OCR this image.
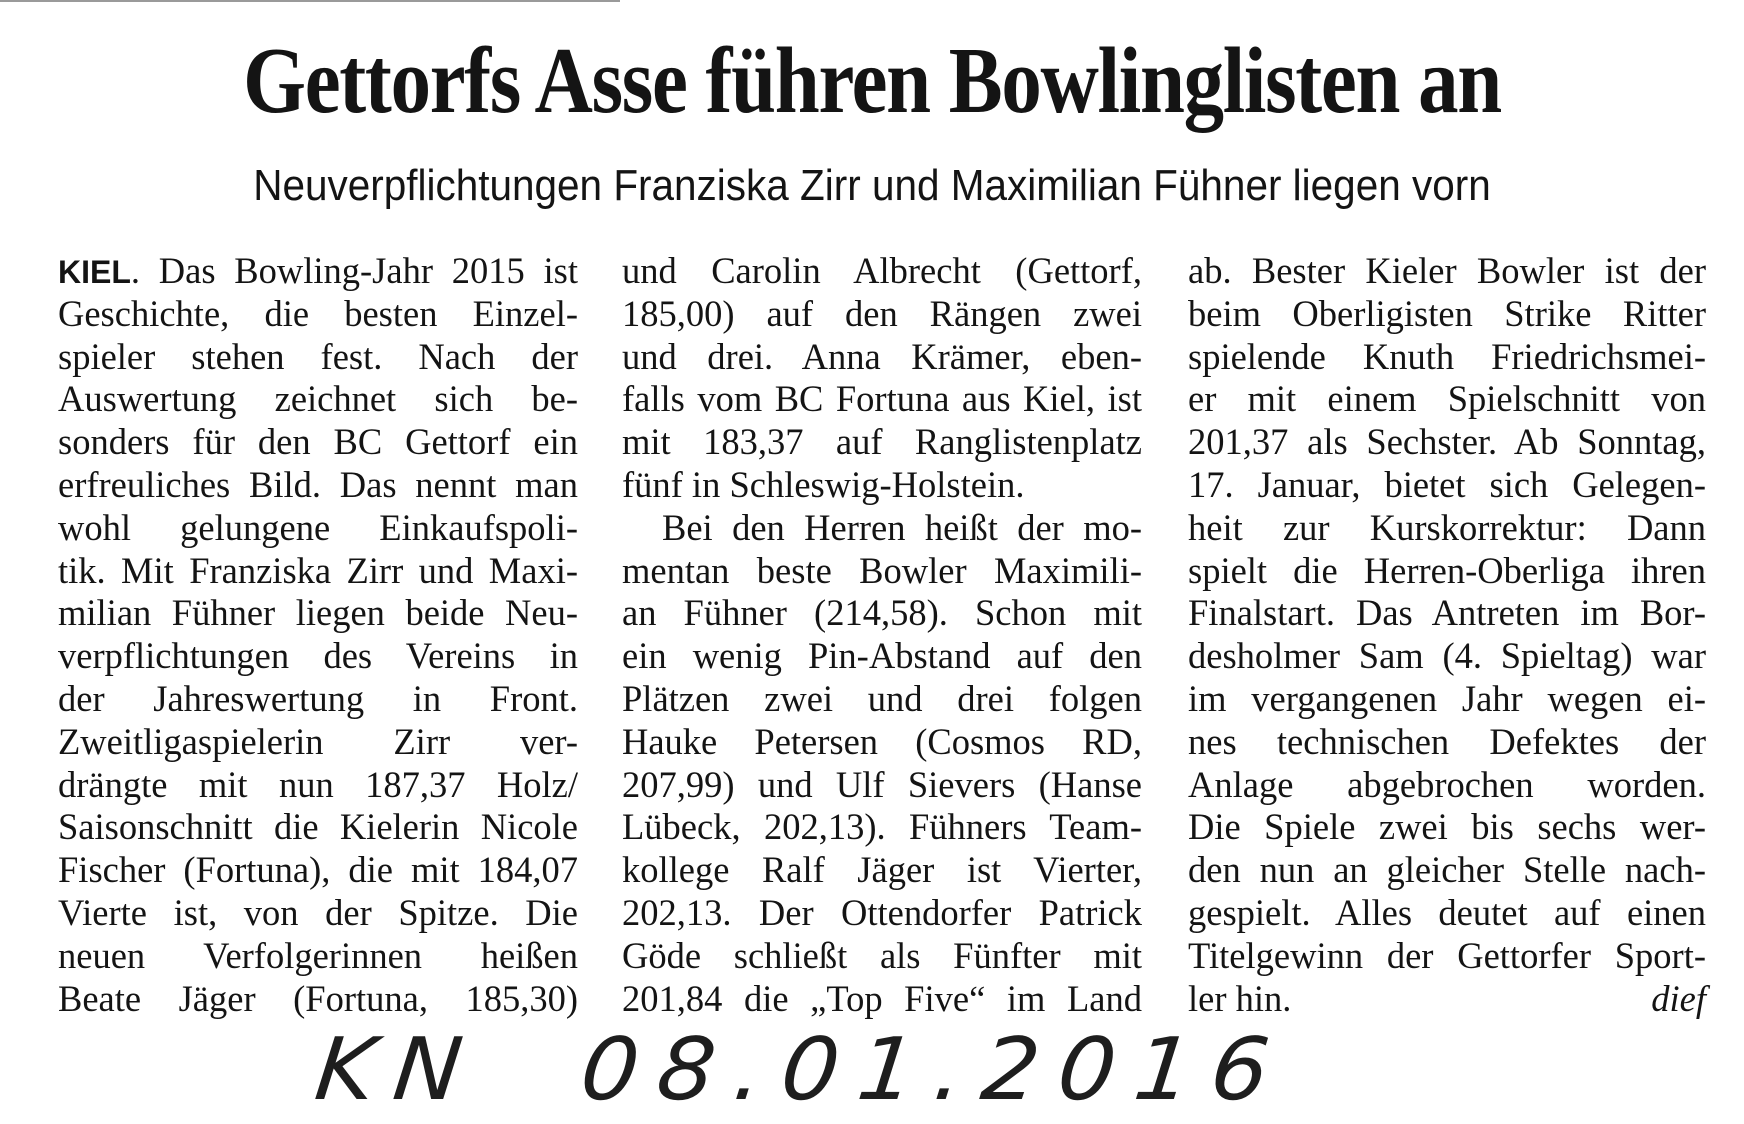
Gettorfs Asse führen Bowlinglisten an
Neuverpflichtungen Franziska Zirr und Maximilian Fühner liegen vorn
KIEL. Das Bowling-Jahr 2015 ist
Geschichte, die besten Einzel-
spieler stehen fest. Nach der
Auswertung zeichnet sich be-
sonders für den BC Gettorf ein
erfreuliches Bild. Das nennt man
wohl gelungene Einkaufspoli-
tik. Mit Franziska Zirr und Maxi-
milian Fühner liegen beide Neu-
verpflichtungen des Vereins in
der Jahreswertung in Front.
Zweitligaspielerin Zirr ver-
drängte mit nun 187,37 Holz/
Saisonschnitt die Kielerin Nicole
Fischer (Fortuna), die mit 184,07
Vierte ist, von der Spitze. Die
neuen Verfolgerinnen heißen
Beate Jäger (Fortuna, 185,30)
und Carolin Albrecht (Gettorf,
185,00) auf den Rängen zwei
und drei. Anna Krämer, eben-
falls vom BC Fortuna aus Kiel, ist
mit 183,37 auf Ranglistenplatz
fünf in Schleswig-Holstein.
Bei den Herren heißt der mo-
mentan beste Bowler Maximili-
an Fühner (214,58). Schon mit
ein wenig Pin-Abstand auf den
Plätzen zwei und drei folgen
Hauke Petersen (Cosmos RD,
207,99) und Ulf Sievers (Hanse
Lübeck, 202,13). Fühners Team-
kollege Ralf Jäger ist Vierter,
202,13. Der Ottendorfer Patrick
Göde schließt als Fünfter mit
201,84 die „Top Five“ im Land
ab. Bester Kieler Bowler ist der
beim Oberligisten Strike Ritter
spielende Knuth Friedrichsmei-
er mit einem Spielschnitt von
201,37 als Sechster. Ab Sonntag,
17. Januar, bietet sich Gelegen-
heit zur Kurskorrektur: Dann
spielt die Herren-Oberliga ihren
Finalstart. Das Antreten im Bor-
desholmer Sam (4. Spieltag) war
im vergangenen Jahr wegen ei-
nes technischen Defektes der
Anlage abgebrochen worden.
Die Spiele zwei bis sechs wer-
den nun an gleicher Stelle nach-
gespielt. Alles deutet auf einen
Titelgewinn der Gettorfer Sport-
ler hin.	dief
KN 08.01.2016
